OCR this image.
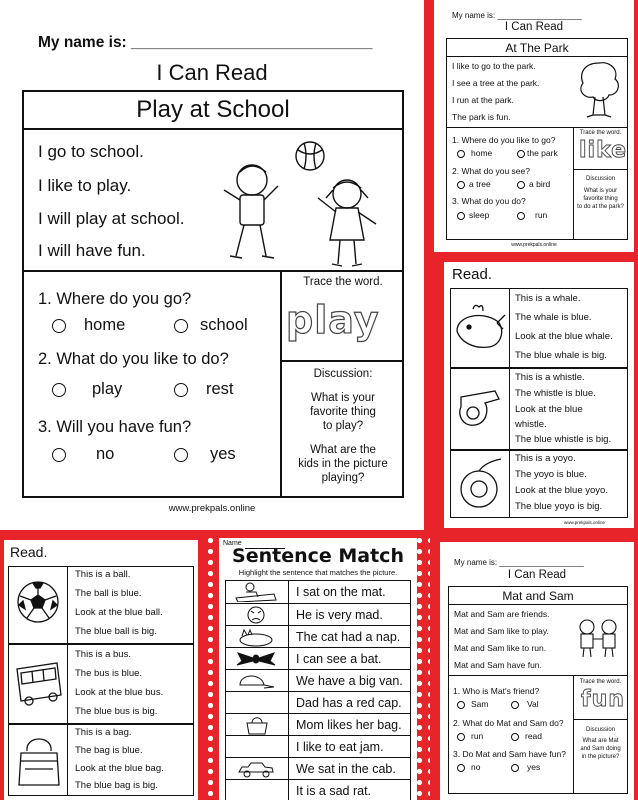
My name is: ____________________________
I Can Read
Play at School
I go to school.
I like to play.
I will play at school.
I will have fun.
1. Where do you go?
home	school
2. What do you like to do?
play	rest
3. Will you have fun?
no	yes
Trace the word.
play
Discussion:
What is your
favorite thing
to play?
What are the
kids in the picture
playing?
www.prekpals.online
My name is: ___________________
I Can Read
At The Park
I like to go to the park.
I see a tree at the park.
I run at the park.
The park is fun.
1. Where do you like to go?
home	the park
2. What do you see?
a tree	a bird
3. What do you do?
sleep	run
Trace the word.
like
Discussion
What is your
favorite thing
to do at the park?
www.prekpals.online
Read.
This is a whale.
The whale is blue.
Look at the blue whale.
The blue whale is big.
This is a whistle.
The whistle is blue.
Look at the blue
whistle.
The blue whistle is big.
This is a yoyo.
The yoyo is blue.
Look at the blue yoyo.
The blue yoyo is big.
www.prekpals.online
Read.
This is a ball.
The ball is blue.
Look at the blue ball.
The blue ball is big.
This is a bus.
The bus is blue.
Look at the blue bus.
The blue bus is big.
This is a bag.
The bag is blue.
Look at the blue bag.
The blue bag is big.
Name
Sentence Match
Highlight the sentence that matches the picture.
I sat on the mat.
He is very mad.
The cat had a nap.
I can see a bat.
We have a big van.
Dad has a red cap.
Mom likes her bag.
I like to eat jam.
We sat in the cab.
It is a sad rat.
My name is: ___________________
I Can Read
Mat and Sam
Mat and Sam are friends.
Mat and Sam like to play.
Mat and Sam like to run.
Mat and Sam have fun.
1. Who is Mat's friend?
Sam	Val
2. What do Mat and Sam do?
run	read
3. Do Mat and Sam have fun?
no	yes
Trace the word.
fun
Discussion
What are Mat
and Sam doing
in the picture?
